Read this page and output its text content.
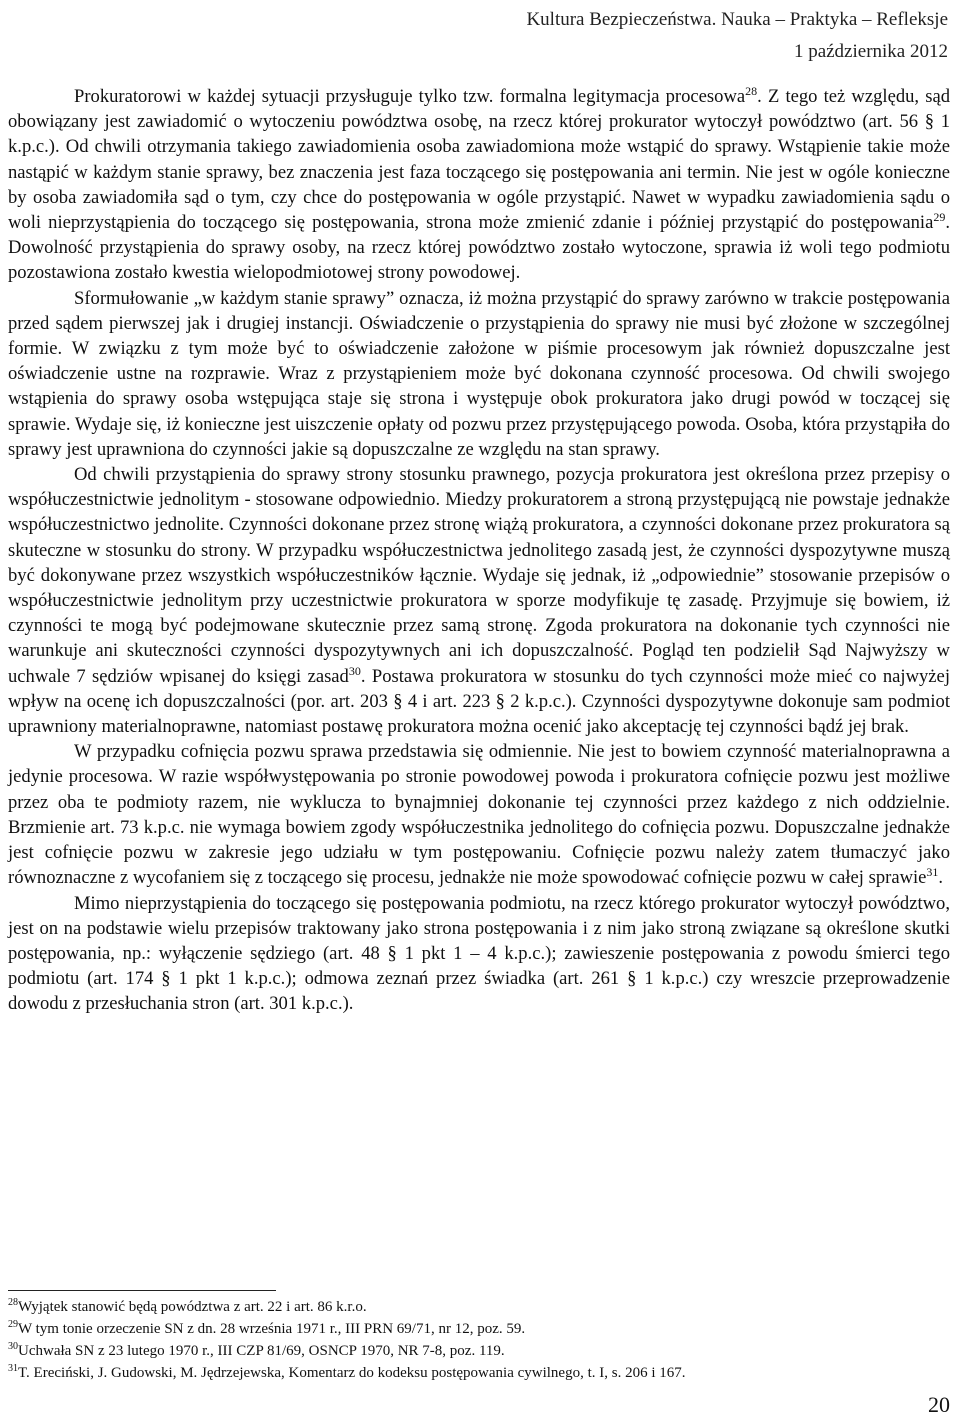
Kultura Bezpieczeństwa. Nauka – Praktyka – Refleksje
1 października 2012

Prokuratorowi w każdej sytuacji przysługuje tylko tzw. formalna legitymacja procesowa$^{28}$. Z tego też względu, sąd obowiązany jest zawiadomić o wytoczeniu powództwa osobę, na rzecz której prokurator wytoczył powództwo (art. 56 § 1 k.p.c.). Od chwili otrzymania takiego zawiadomienia osoba zawiadomiona może wstąpić do sprawy. Wstąpienie takie może nastąpić w każdym stanie sprawy, bez znaczenia jest faza toczącego się postępowania ani termin. Nie jest w ogóle konieczne by osoba zawiadomiła sąd o tym, czy chce do postępowania w ogóle przystąpić. Nawet w wypadku zawiadomienia sądu o woli nieprzystąpienia do toczącego się postępowania, strona może zmienić zdanie i później przystąpić do postępowania$^{29}$. Dowolność przystąpienia do sprawy osoby, na rzecz której powództwo zostało wytoczone, sprawia iż woli tego podmiotu pozostawiona zostało kwestia wielopodmiotowej strony powodowej.

Sformułowanie „w każdym stanie sprawy” oznacza, iż można przystąpić do sprawy zarówno w trakcie postępowania przed sądem pierwszej jak i drugiej instancji. Oświadczenie o przystąpienia do sprawy nie musi być złożone w szczególnej formie. W związku z tym może być to oświadczenie założone w piśmie procesowym jak również dopuszczalne jest oświadczenie ustne na rozprawie. Wraz z przystąpieniem może być dokonana czynność procesowa. Od chwili swojego wstąpienia do sprawy osoba wstępująca staje się strona i występuje obok prokuratora jako drugi powód w toczącej się sprawie. Wydaje się, iż konieczne jest uiszczenie opłaty od pozwu przez przystępującego powoda. Osoba, która przystąpiła do sprawy jest uprawniona do czynności jakie są dopuszczalne ze względu na stan sprawy.

Od chwili przystąpienia do sprawy strony stosunku prawnego, pozycja prokuratora jest określona przez przepisy o współuczestnictwie jednolitym - stosowane odpowiednio. Miedzy prokuratorem a stroną przystępującą nie powstaje jednakże współuczestnictwo jednolite. Czynności dokonane przez stronę wiążą prokuratora, a czynności dokonane przez prokuratora są skuteczne w stosunku do strony. W przypadku współuczestnictwa jednolitego zasadą jest, że czynności dyspozytywne muszą być dokonywane przez wszystkich współuczestników łącznie. Wydaje się jednak, iż „odpowiednie” stosowanie przepisów o współuczestnictwie jednolitym przy uczestnictwie prokuratora w sporze modyfikuje tę zasadę. Przyjmuje się bowiem, iż czynności te mogą być podejmowane skutecznie przez samą stronę. Zgoda prokuratora na dokonanie tych czynności nie warunkuje ani skuteczności czynności dyspozytywnych ani ich dopuszczalność. Pogląd ten podzielił Sąd Najwyższy w uchwale 7 sędziów wpisanej do księgi zasad$^{30}$. Postawa prokuratora w stosunku do tych czynności może mieć co najwyżej wpływ na ocenę ich dopuszczalności (por. art. 203 § 4 i art. 223 § 2 k.p.c.). Czynności dyspozytywne dokonuje sam podmiot uprawniony materialnoprawne, natomiast postawę prokuratora można ocenić jako akceptację tej czynności bądź jej brak.

W przypadku cofnięcia pozwu sprawa przedstawia się odmiennie. Nie jest to bowiem czynność materialnoprawna a jedynie procesowa. W razie współwystępowania po stronie powodowej powoda i prokuratora cofnięcie pozwu jest możliwe przez oba te podmioty razem, nie wyklucza to bynajmniej dokonanie tej czynności przez każdego z nich oddzielnie. Brzmienie art. 73 k.p.c. nie wymaga bowiem zgody współuczestnika jednolitego do cofnięcia pozwu. Dopuszczalne jednakże jest cofnięcie pozwu w zakresie jego udziału w tym postępowaniu. Cofnięcie pozwu należy zatem tłumaczyć jako równoznaczne z wycofaniem się z toczącego się procesu, jednakże nie może spowodować cofnięcie pozwu w całej sprawie$^{31}$.

Mimo nieprzystąpienia do toczącego się postępowania podmiotu, na rzecz którego prokurator wytoczył powództwo, jest on na podstawie wielu przepisów traktowany jako strona postępowania i z nim jako stroną związane są określone skutki postępowania, np.: wyłączenie sędziego (art. 48 § 1 pkt 1 – 4 k.p.c.); zawieszenie postępowania z powodu śmierci tego podmiotu (art. 174 § 1 pkt 1 k.p.c.); odmowa zeznań przez świadka (art. 261 § 1 k.p.c.) czy wreszcie przeprowadzenie dowodu z przesłuchania stron (art. 301 k.p.c.).

$^{28}$Wyjątek stanowić będą powództwa z art. 22 i art. 86 k.r.o.
$^{29}$W tym tonie orzeczenie SN z dn. 28 września 1971 r., III PRN 69/71, nr 12, poz. 59.
$^{30}$Uchwała SN z 23 lutego 1970 r., III CZP 81/69, OSNCP 1970, NR 7-8, poz. 119.
$^{31}$T. Ereciński, J. Gudowski, M. Jędrzejewska, Komentarz do kodeksu postępowania cywilnego, t. I, s. 206 i 167.
20
